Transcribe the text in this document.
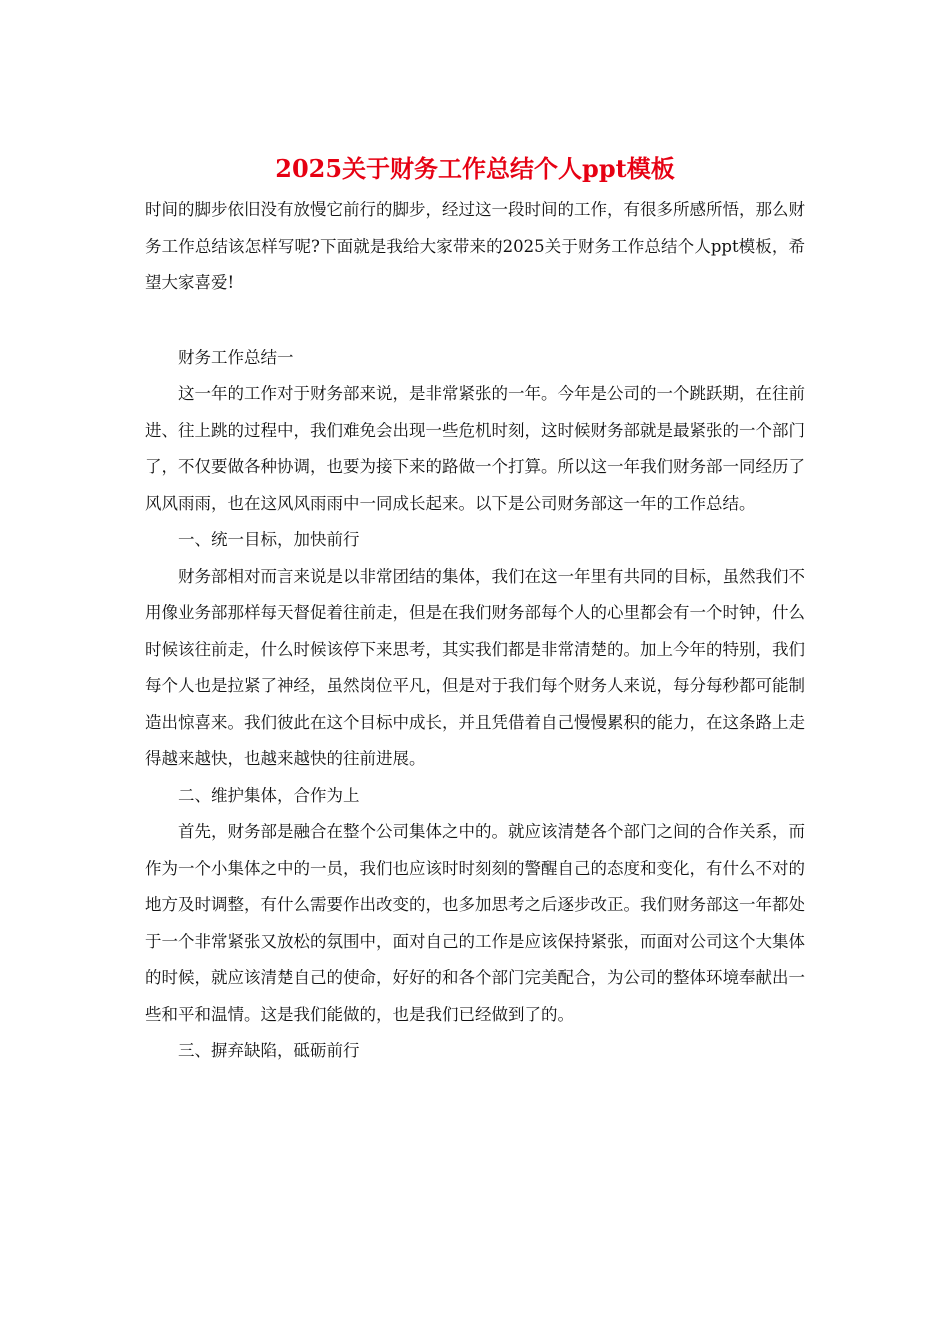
2025关于财务工作总结个人ppt模板

时间的脚步依旧没有放慢它前行的脚步，经过这一段时间的工作，有很多所感所悟，那么财务工作总结该怎样写呢?下面就是我给大家带来的2025关于财务工作总结个人ppt模板，希望大家喜爱!

财务工作总结一

这一年的工作对于财务部来说，是非常紧张的一年。今年是公司的一个跳跃期，在往前进、往上跳的过程中，我们难免会出现一些危机时刻，这时候财务部就是最紧张的一个部门了，不仅要做各种协调，也要为接下来的路做一个打算。所以这一年我们财务部一同经历了风风雨雨，也在这风风雨雨中一同成长起来。以下是公司财务部这一年的工作总结。

一、统一目标，加快前行

财务部相对而言来说是以非常团结的集体，我们在这一年里有共同的目标，虽然我们不用像业务部那样每天督促着往前走，但是在我们财务部每个人的心里都会有一个时钟，什么时候该往前走，什么时候该停下来思考，其实我们都是非常清楚的。加上今年的特别，我们每个人也是拉紧了神经，虽然岗位平凡，但是对于我们每个财务人来说，每分每秒都可能制造出惊喜来。我们彼此在这个目标中成长，并且凭借着自己慢慢累积的能力，在这条路上走得越来越快，也越来越快的往前进展。

二、维护集体，合作为上

首先，财务部是融合在整个公司集体之中的。就应该清楚各个部门之间的合作关系，而作为一个小集体之中的一员，我们也应该时时刻刻的警醒自己的态度和变化，有什么不对的地方及时调整，有什么需要作出改变的，也多加思考之后逐步改正。我们财务部这一年都处于一个非常紧张又放松的氛围中，面对自己的工作是应该保持紧张，而面对公司这个大集体的时候，就应该清楚自己的使命，好好的和各个部门完美配合，为公司的整体环境奉献出一些和平和温情。这是我们能做的，也是我们已经做到了的。

三、摒弃缺陷，砥砺前行
